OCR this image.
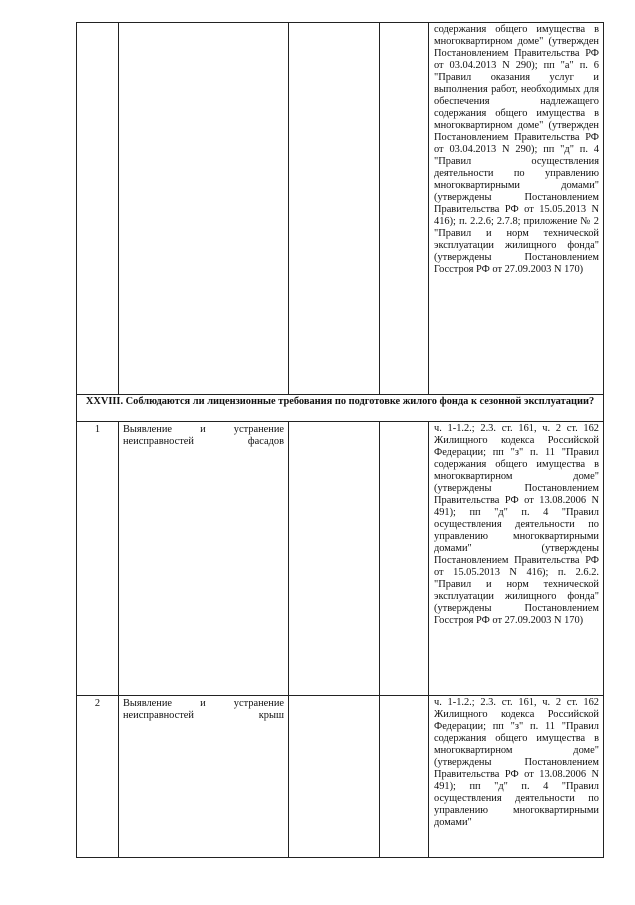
				содержания общего имущества в многоквартирном доме" (утвержден Постановлением Правительства РФ от 03.04.2013 N 290); пп "а" п. 6 "Правил оказания услуг и выполнения работ, необходимых для обеспечения надлежащего содержания общего имущества в многоквартирном доме" (утвержден Постановлением Правительства РФ от 03.04.2013 N 290); пп "д" п. 4 "Правил осуществления деятельности по управлению многоквартирными домами" (утверждены Постановлением Правительства РФ от 15.05.2013 N 416); п. 2.2.6; 2.7.8; приложение № 2 "Правил и норм технической эксплуатации жилищного фонда" (утверждены Постановлением Госстроя РФ от 27.09.2003 N 170)

XXVIII. Соблюдаются ли лицензионные требования по подготовке жилого фонда к сезонной эксплуатации?				
1	Выявление и устранение неисправностей фасадов			ч. 1-1.2.; 2.3. ст. 161, ч. 2 ст. 162 Жилищного кодекса Российской Федерации; пп "з" п. 11 "Правил содержания общего имущества в многоквартирном доме" (утверждены Постановлением Правительства РФ от 13.08.2006 N 491); пп "д" п. 4 "Правил осуществления деятельности по управлению многоквартирными домами" (утверждены Постановлением Правительства РФ от 15.05.2013 N 416); п. 2.6.2. "Правил и норм технической эксплуатации жилищного фонда" (утверждены Постановлением Госстроя РФ от 27.09.2003 N 170)

2	Выявление и устранение неисправностей крыш			ч. 1-1.2.; 2.3. ст. 161, ч. 2 ст. 162 Жилищного кодекса Российской Федерации; пп "з" п. 11 "Правил содержания общего имущества в многоквартирном доме" (утверждены Постановлением Правительства РФ от 13.08.2006 N 491); пп "д" п. 4 "Правил осуществления деятельности по управлению многоквартирными домами"
